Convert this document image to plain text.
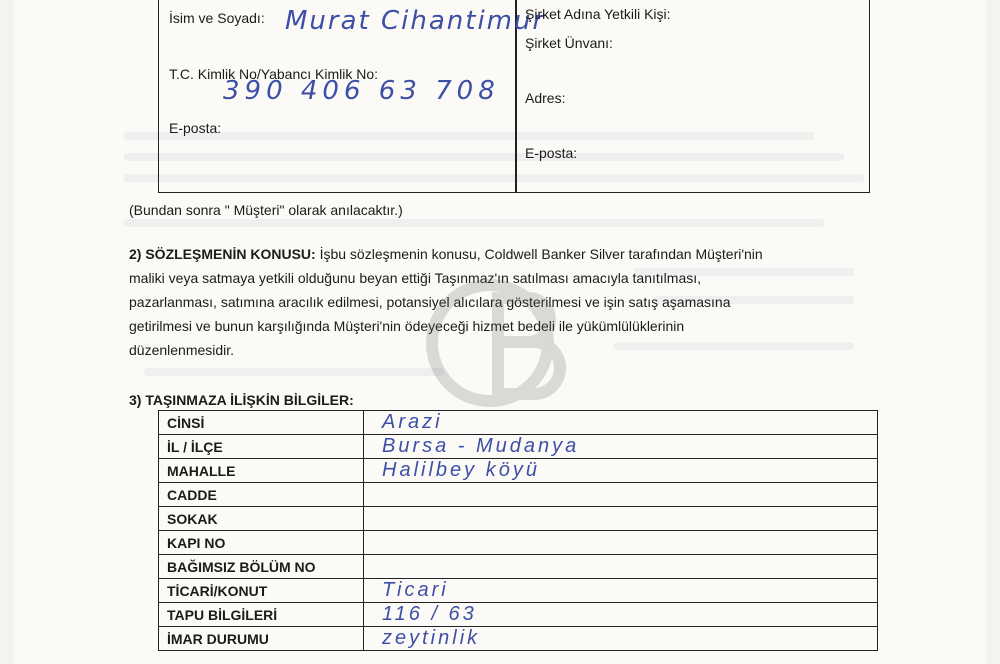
İsim ve Soyadı: Murat Cihantimur
T.C. Kimlik No/Yabancı Kimlik No:
390 406 63 708
E-posta:
Şirket Adına Yetkili Kişi:
Şirket Ünvanı:
Adres:
E-posta:
(Bundan sonra " Müşteri" olarak anılacaktır.)
2) SÖZLEŞMENİN KONUSU: İşbu sözleşmenin konusu, Coldwell Banker Silver tarafından Müşteri'nin
maliki veya satmaya yetkili olduğunu beyan ettiği Taşınmaz'ın satılması amacıyla tanıtılması,
pazarlanması, satımına aracılık edilmesi, potansiyel alıcılara gösterilmesi ve işin satış aşamasına
getirilmesi ve bunun karşılığında Müşteri'nin ödeyeceği hizmet bedeli ile yükümlülüklerinin
düzenlenmesidir.
3) TAŞINMAZA İLİŞKİN BİLGİLER:
CİNSİ	Arazi
İL / İLÇE	Bursa - Mudanya
MAHALLE	Halilbey köyü
CADDE	
SOKAK	
KAPI NO	
BAĞIMSIZ BÖLÜM NO	
TİCARİ/KONUT	Ticari
TAPU BİLGİLERİ	116 / 63
İMAR DURUMU	zeytinlik
